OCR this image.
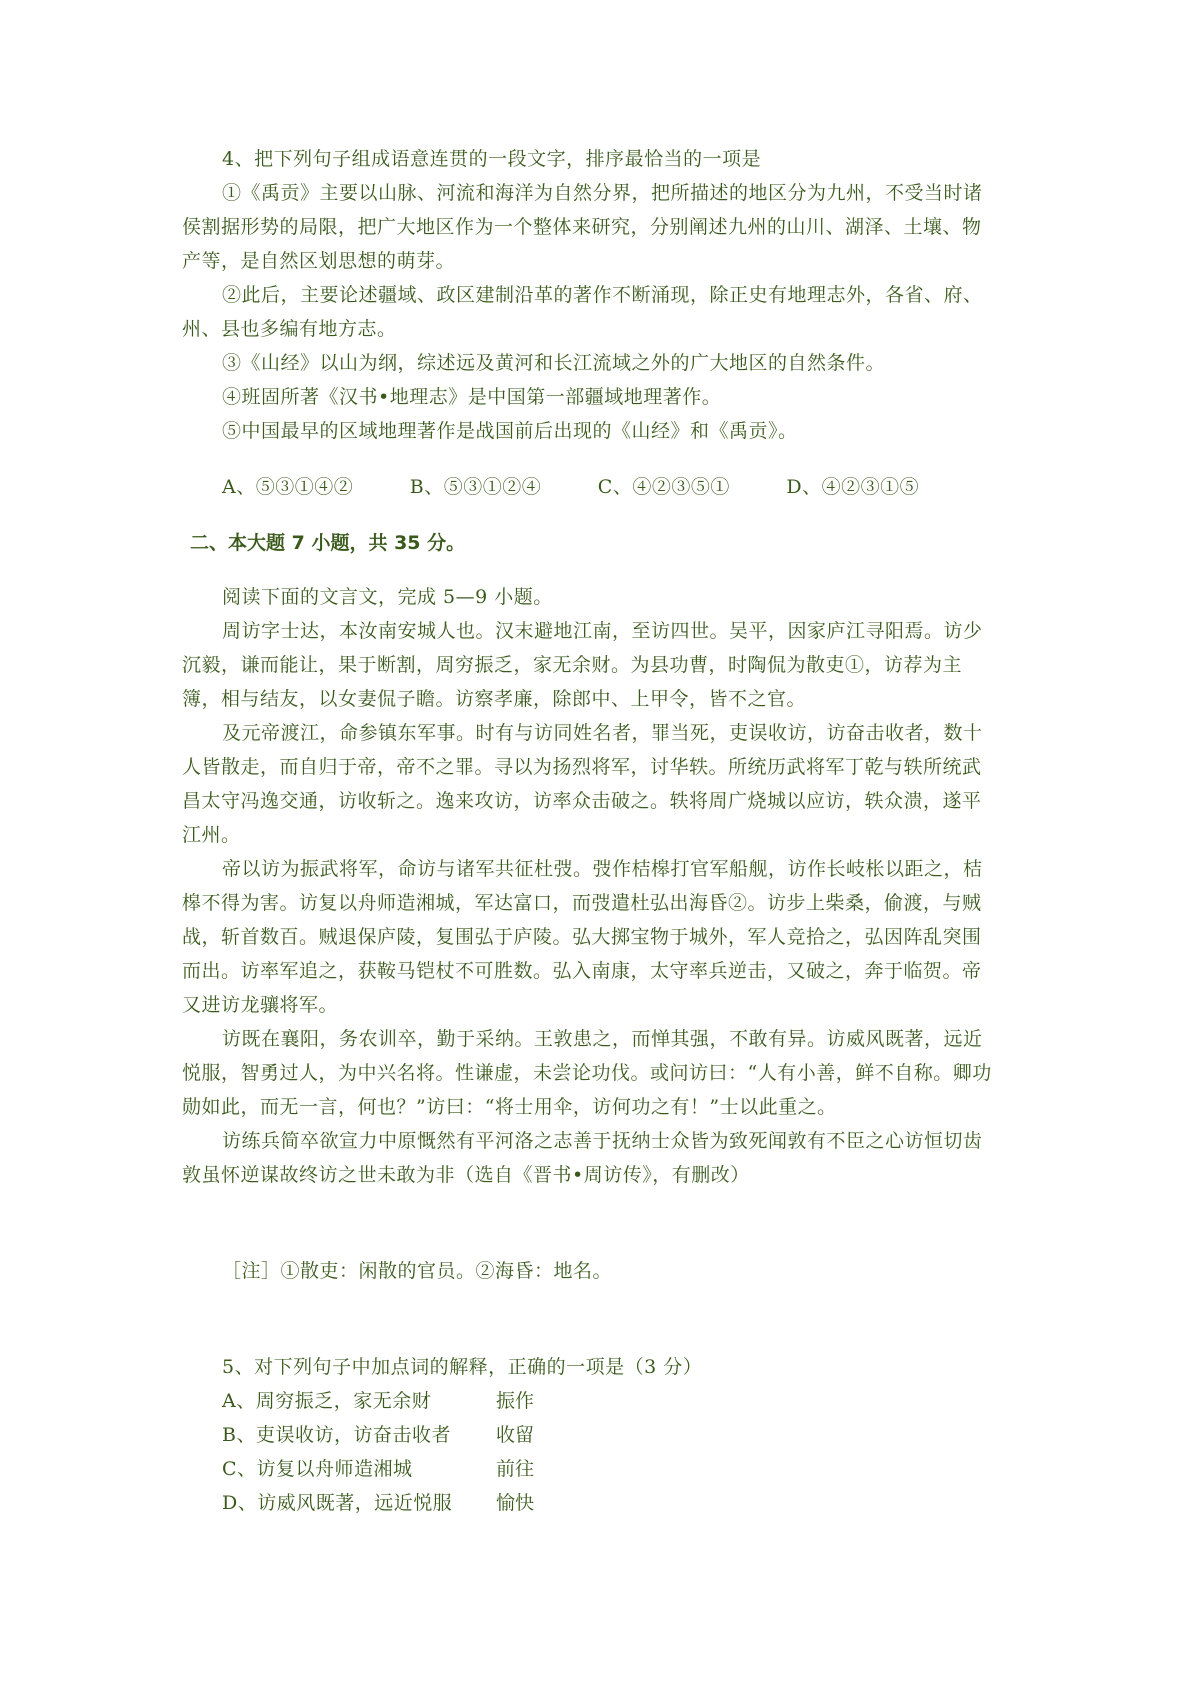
4、把下列句子组成语意连贯的一段文字，排序最恰当的一项是
①《禹贡》主要以山脉、河流和海洋为自然分界，把所描述的地区分为九州，不受当时诸
侯割据形势的局限，把广大地区作为一个整体来研究，分别阐述九州的山川、湖泽、土壤、物
产等，是自然区划思想的萌芽。
②此后，主要论述疆域、政区建制沿革的著作不断涌现，除正史有地理志外，各省、府、
州、县也多编有地方志。
③《山经》以山为纲，综述远及黄河和长江流域之外的广大地区的自然条件。
④班固所著《汉书•地理志》是中国第一部疆域地理著作。
⑤中国最早的区域地理著作是战国前后出现的《山经》和《禹贡》。
A、⑤③①④②	B、⑤③①②④	C、④②③⑤①	D、④②③①⑤
二、本大题 7 小题，共 35 分。
阅读下面的文言文，完成 5—9 小题。
周访字士达，本汝南安城人也。汉末避地江南，至访四世。吴平，因家庐江寻阳焉。访少
沉毅，谦而能让，果于断割，周穷振乏，家无余财。为县功曹，时陶侃为散吏①，访荐为主
簿，相与结友，以女妻侃子瞻。访察孝廉，除郎中、上甲令，皆不之官。
及元帝渡江，命参镇东军事。时有与访同姓名者，罪当死，吏误收访，访奋击收者，数十
人皆散走，而自归于帝，帝不之罪。寻以为扬烈将军，讨华轶。所统历武将军丁乾与轶所统武
昌太守冯逸交通，访收斩之。逸来攻访，访率众击破之。轶将周广烧城以应访，轶众溃，遂平
江州。
帝以访为振武将军，命访与诸军共征杜弢。弢作桔槔打官军船舰，访作长岐枨以距之，桔
槔不得为害。访复以舟师造湘城，军达富口，而弢遣杜弘出海昏②。访步上柴桑，偷渡，与贼
战，斩首数百。贼退保庐陵，复围弘于庐陵。弘大掷宝物于城外，军人竞拾之，弘因阵乱突围
而出。访率军追之，获鞍马铠杖不可胜数。弘入南康，太守率兵逆击，又破之，奔于临贺。帝
又进访龙骧将军。
访既在襄阳，务农训卒，勤于采纳。王敦患之，而惮其强，不敢有异。访威风既著，远近
悦服，智勇过人，为中兴名将。性谦虚，未尝论功伐。或问访曰：“人有小善，鲜不自称。卿功
勋如此，而无一言，何也？”访曰：“将士用伞，访何功之有！”士以此重之。
访练兵简卒欲宣力中原慨然有平河洛之志善于抚纳士众皆为致死闻敦有不臣之心访恒切齿
敦虽怀逆谋故终访之世未敢为非（选自《晋书•周访传》，有删改）
［注］①散吏：闲散的官员。②海昏：地名。
5、对下列句子中加点词的解释，正确的一项是（3 分）
A、周穷振乏，家无余财	振作
B、吏误收访，访奋击收者	收留
C、访复以舟师造湘城	前往
D、访威风既著，远近悦服	愉快
